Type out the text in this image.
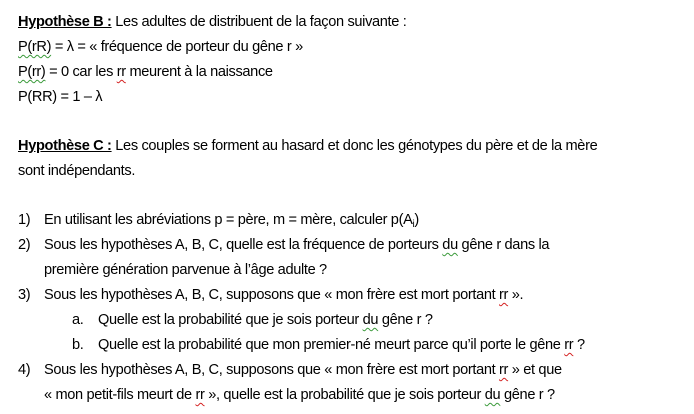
Hypothèse B : Les adultes de distribuent de la façon suivante :
P(rR) = λ = « fréquence de porteur du gêne r »
P(rr) = 0 car les rr meurent à la naissance
P(RR) = 1 – λ
Hypothèse C : Les couples se forment au hasard et donc les génotypes du père et de la mère
sont indépendants.
1) En utilisant les abréviations p = père, m = mère, calculer $p(A_i)$
2) Sous les hypothèses A, B, C, quelle est la fréquence de porteurs du gêne r dans la
première génération parvenue à l’âge adulte ?
3) Sous les hypothèses A, B, C, supposons que « mon frère est mort portant rr ».
a. Quelle est la probabilité que je sois porteur du gêne r ?
b. Quelle est la probabilité que mon premier-né meurt parce qu’il porte le gêne rr ?
4) Sous les hypothèses A, B, C, supposons que « mon frère est mort portant rr » et que
« mon petit-fils meurt de rr », quelle est la probabilité que je sois porteur du gêne r ?
